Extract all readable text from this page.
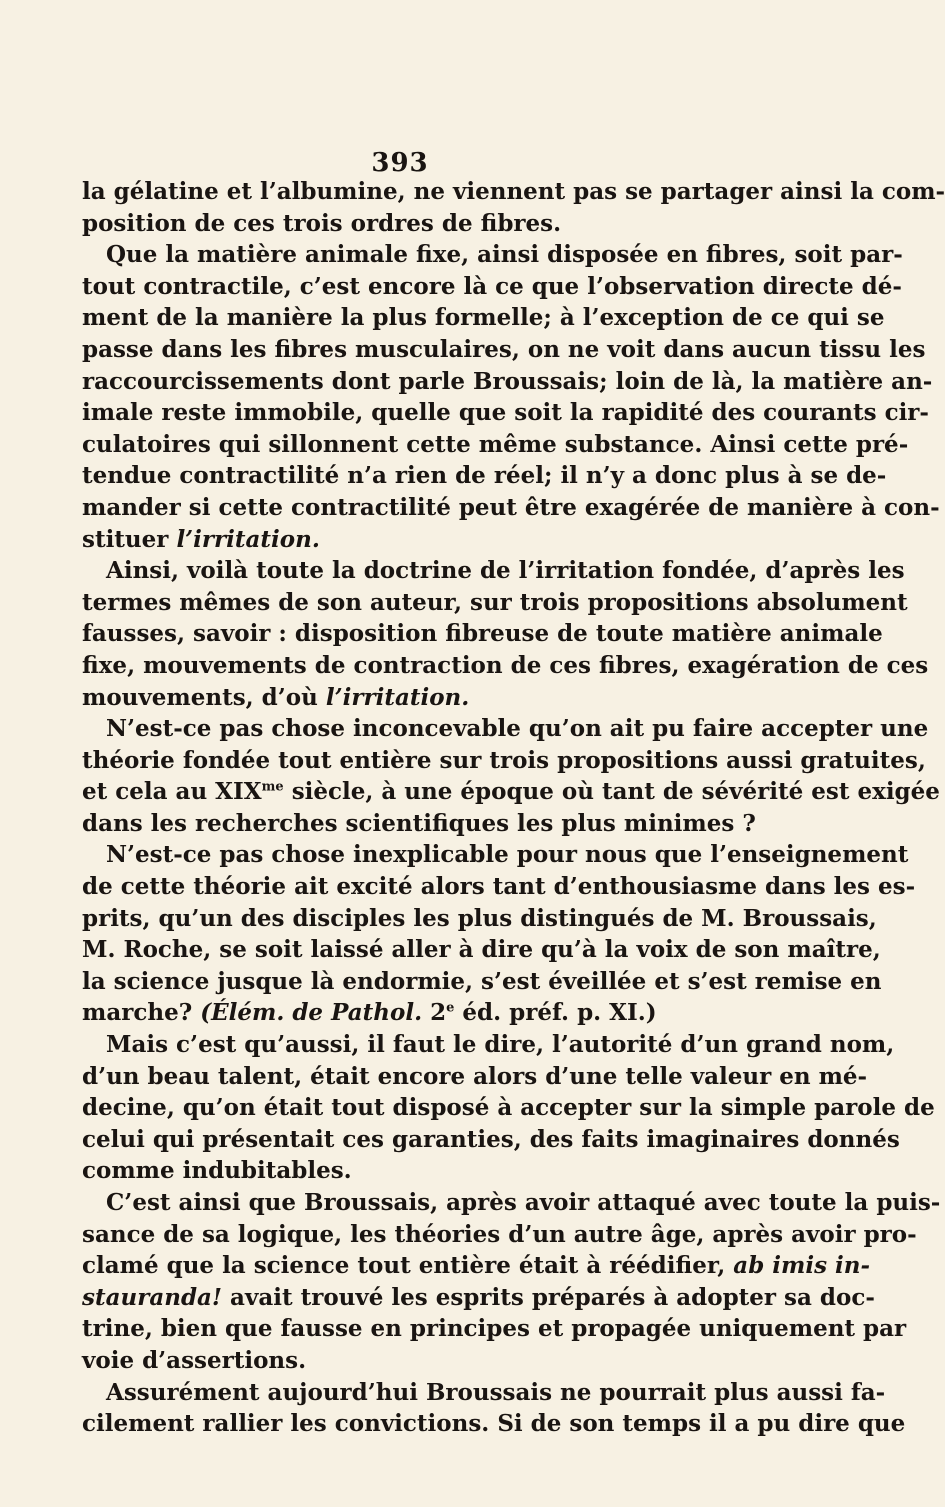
393
la gélatine et l’albumine, ne viennent pas se partager ainsi la com-
position de ces trois ordres de fibres.
Que la matière animale fixe, ainsi disposée en fibres, soit par-
tout contractile, c’est encore là ce que l’observation directe dé-
ment de la manière la plus formelle; à l’exception de ce qui se
passe dans les fibres musculaires, on ne voit dans aucun tissu les
raccourcissements dont parle Broussais; loin de là, la matière an-
imale reste immobile, quelle que soit la rapidité des courants cir-
culatoires qui sillonnent cette même substance. Ainsi cette pré-
tendue contractilité n’a rien de réel; il n’y a donc plus à se de-
mander si cette contractilité peut être exagérée de manière à con-
stituer l’irritation.
Ainsi, voilà toute la doctrine de l’irritation fondée, d’après les
termes mêmes de son auteur, sur trois propositions absolument
fausses, savoir : disposition fibreuse de toute matière animale
fixe, mouvements de contraction de ces fibres, exagération de ces
mouvements, d’où l’irritation.
N’est-ce pas chose inconcevable qu’on ait pu faire accepter une
théorie fondée tout entière sur trois propositions aussi gratuites,
et cela au $XIX^{me}$ siècle, à une époque où tant de sévérité est exigée
dans les recherches scientifiques les plus minimes ?
N’est-ce pas chose inexplicable pour nous que l’enseignement
de cette théorie ait excité alors tant d’enthousiasme dans les es-
prits, qu’un des disciples les plus distingués de M. Broussais,
M. Roche, se soit laissé aller à dire qu’à la voix de son maître,
la science jusque là endormie, s’est éveillée et s’est remise en
marche? (Élém. de Pathol. 2e éd. préf. p. XI.)
Mais c’est qu’aussi, il faut le dire, l’autorité d’un grand nom,
d’un beau talent, était encore alors d’une telle valeur en mé-
decine, qu’on était tout disposé à accepter sur la simple parole de
celui qui présentait ces garanties, des faits imaginaires donnés
comme indubitables.
C’est ainsi que Broussais, après avoir attaqué avec toute la puis-
sance de sa logique, les théories d’un autre âge, après avoir pro-
clamé que la science tout entière était à réédifier, ab imis in-
stauranda! avait trouvé les esprits préparés à adopter sa doc-
trine, bien que fausse en principes et propagée uniquement par
voie d’assertions.
Assurément aujourd’hui Broussais ne pourrait plus aussi fa-
cilement rallier les convictions. Si de son temps il a pu dire que
